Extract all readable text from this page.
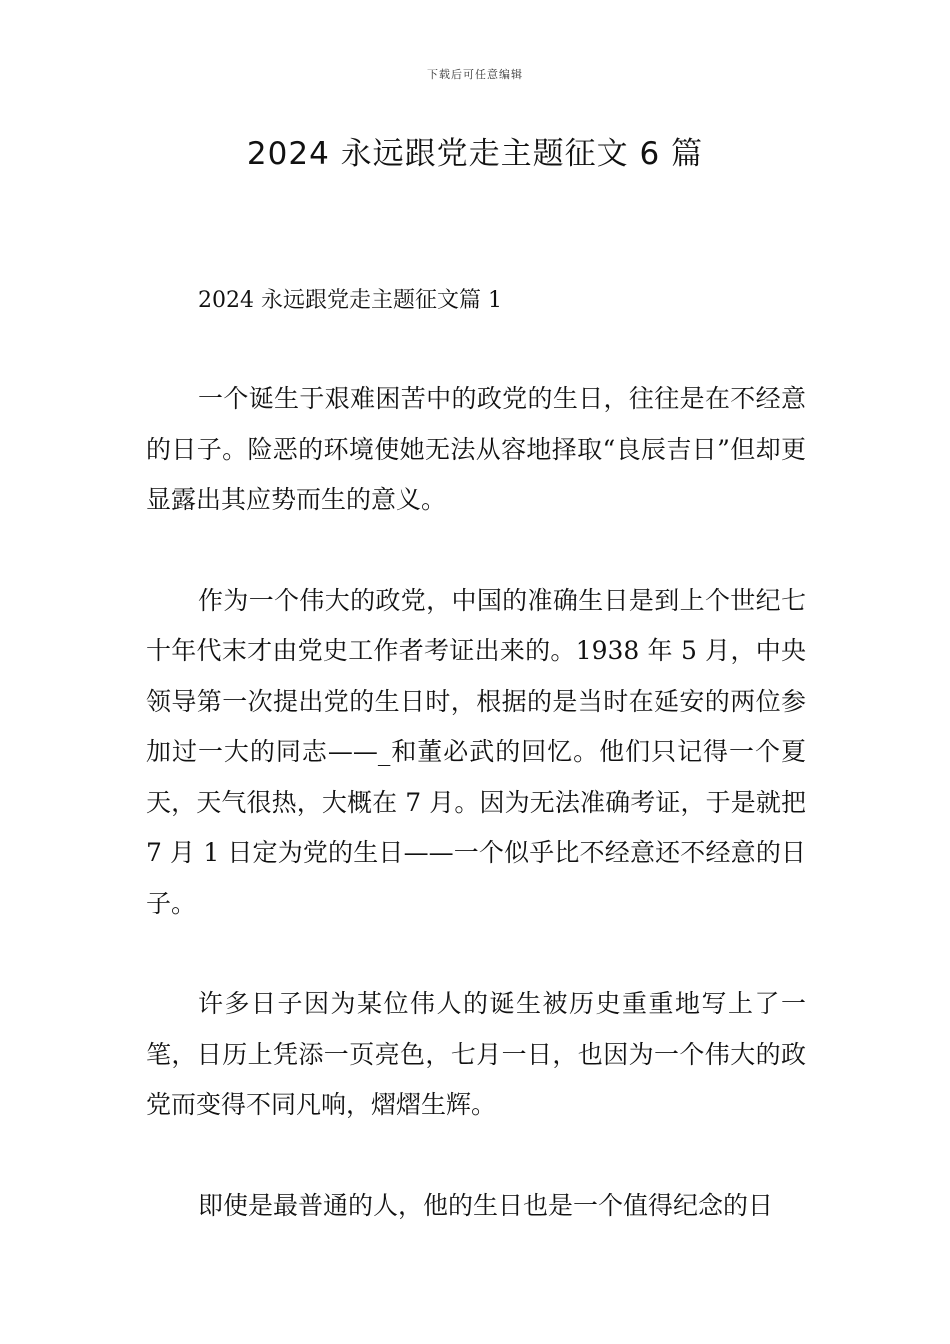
下载后可任意编辑
2024 永远跟党走主题征文 6 篇

2024 永远跟党走主题征文篇 1

一个诞生于艰难困苦中的政党的生日，往往是在不经意的日子。险恶的环境使她无法从容地择取“良辰吉日”但却更显露出其应势而生的意义。

作为一个伟大的政党，中国的准确生日是到上个世纪七十年代末才由党史工作者考证出来的。1938 年 5 月，中央领导第一次提出党的生日时，根据的是当时在延安的两位参加过一大的同志——_和董必武的回忆。他们只记得一个夏天，天气很热，大概在 7 月。因为无法准确考证，于是就把 7 月 1 日定为党的生日——一个似乎比不经意还不经意的日子。

许多日子因为某位伟人的诞生被历史重重地写上了一笔，日历上凭添一页亮色，七月一日，也因为一个伟大的政党而变得不同凡响，熠熠生辉。

即使是最普通的人，他的生日也是一个值得纪念的日
